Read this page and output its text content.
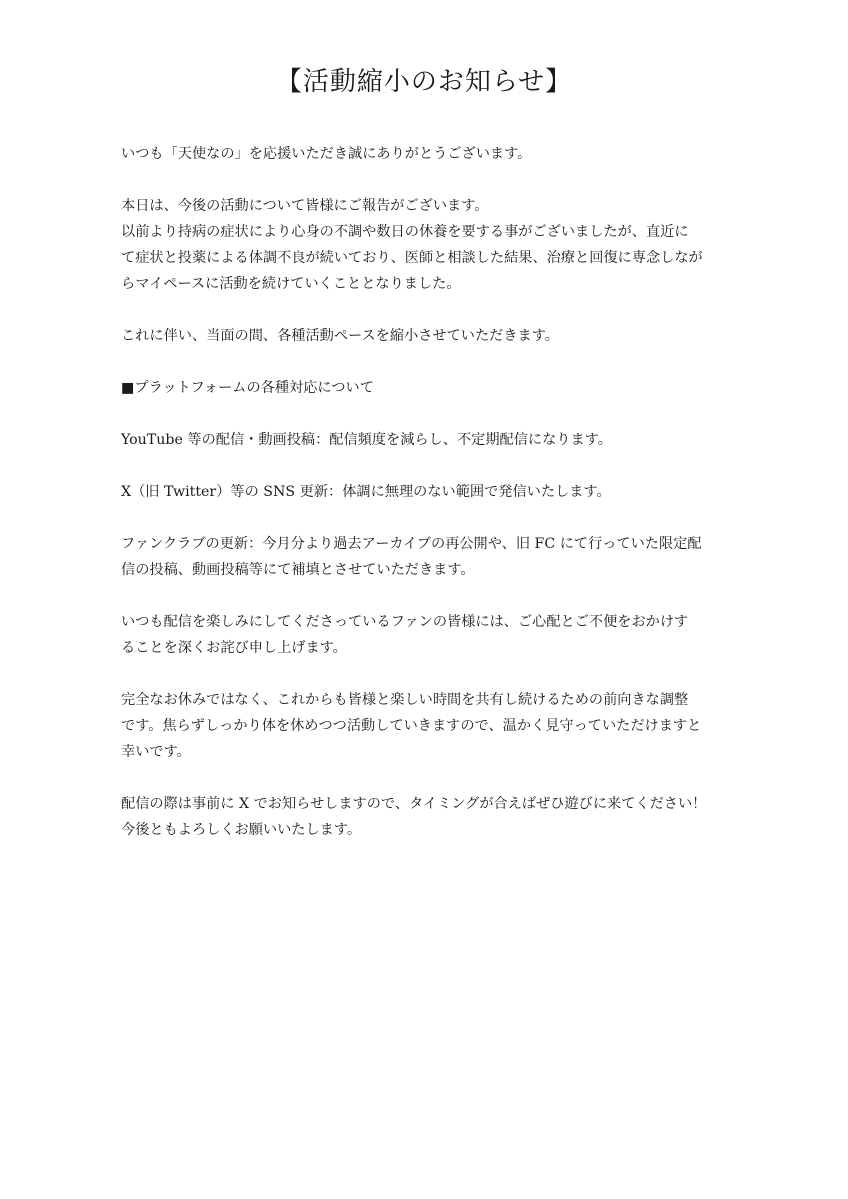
【活動縮小のお知らせ】

いつも「天使なの」を応援いただき誠にありがとうございます。

本日は、今後の活動について皆様にご報告がございます。

以前より持病の症状により心身の不調や数日の休養を要する事がございましたが、直近に

て症状と投薬による体調不良が続いており、医師と相談した結果、治療と回復に専念しなが

らマイペースに活動を続けていくこととなりました。

これに伴い、当面の間、各種活動ペースを縮小させていただきます。

■プラットフォームの各種対応について

YouTube 等の配信・動画投稿：配信頻度を減らし、不定期配信になります。

X（旧 Twitter）等の SNS 更新：体調に無理のない範囲で発信いたします。

ファンクラブの更新：今月分より過去アーカイブの再公開や、旧 FC にて行っていた限定配

信の投稿、動画投稿等にて補填とさせていただきます。

いつも配信を楽しみにしてくださっているファンの皆様には、ご心配とご不便をおかけす

ることを深くお詫び申し上げます。

完全なお休みではなく、これからも皆様と楽しい時間を共有し続けるための前向きな調整

です。焦らずしっかり体を休めつつ活動していきますので、温かく見守っていただけますと

幸いです。

配信の際は事前に X でお知らせしますので、タイミングが合えばぜひ遊びに来てください！

今後ともよろしくお願いいたします。
